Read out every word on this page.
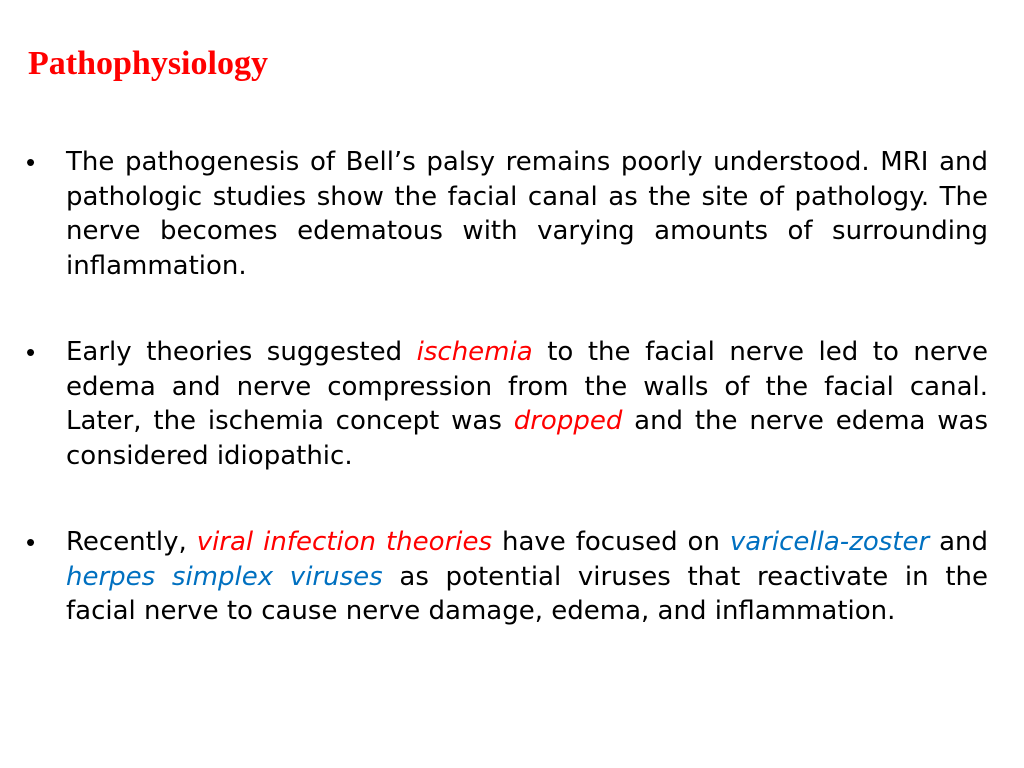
Pathophysiology
• The pathogenesis of Bell’s palsy remains poorly understood. MRI and pathologic studies show the facial canal as the site of pathology. The nerve becomes edematous with varying amounts of surrounding inflammation.
• Early theories suggested ischemia to the facial nerve led to nerve edema and nerve compression from the walls of the facial canal. Later, the ischemia concept was dropped and the nerve edema was considered idiopathic.
• Recently, viral infection theories have focused on varicella-zoster and herpes simplex viruses as potential viruses that reactivate in the facial nerve to cause nerve damage, edema, and inflammation.
